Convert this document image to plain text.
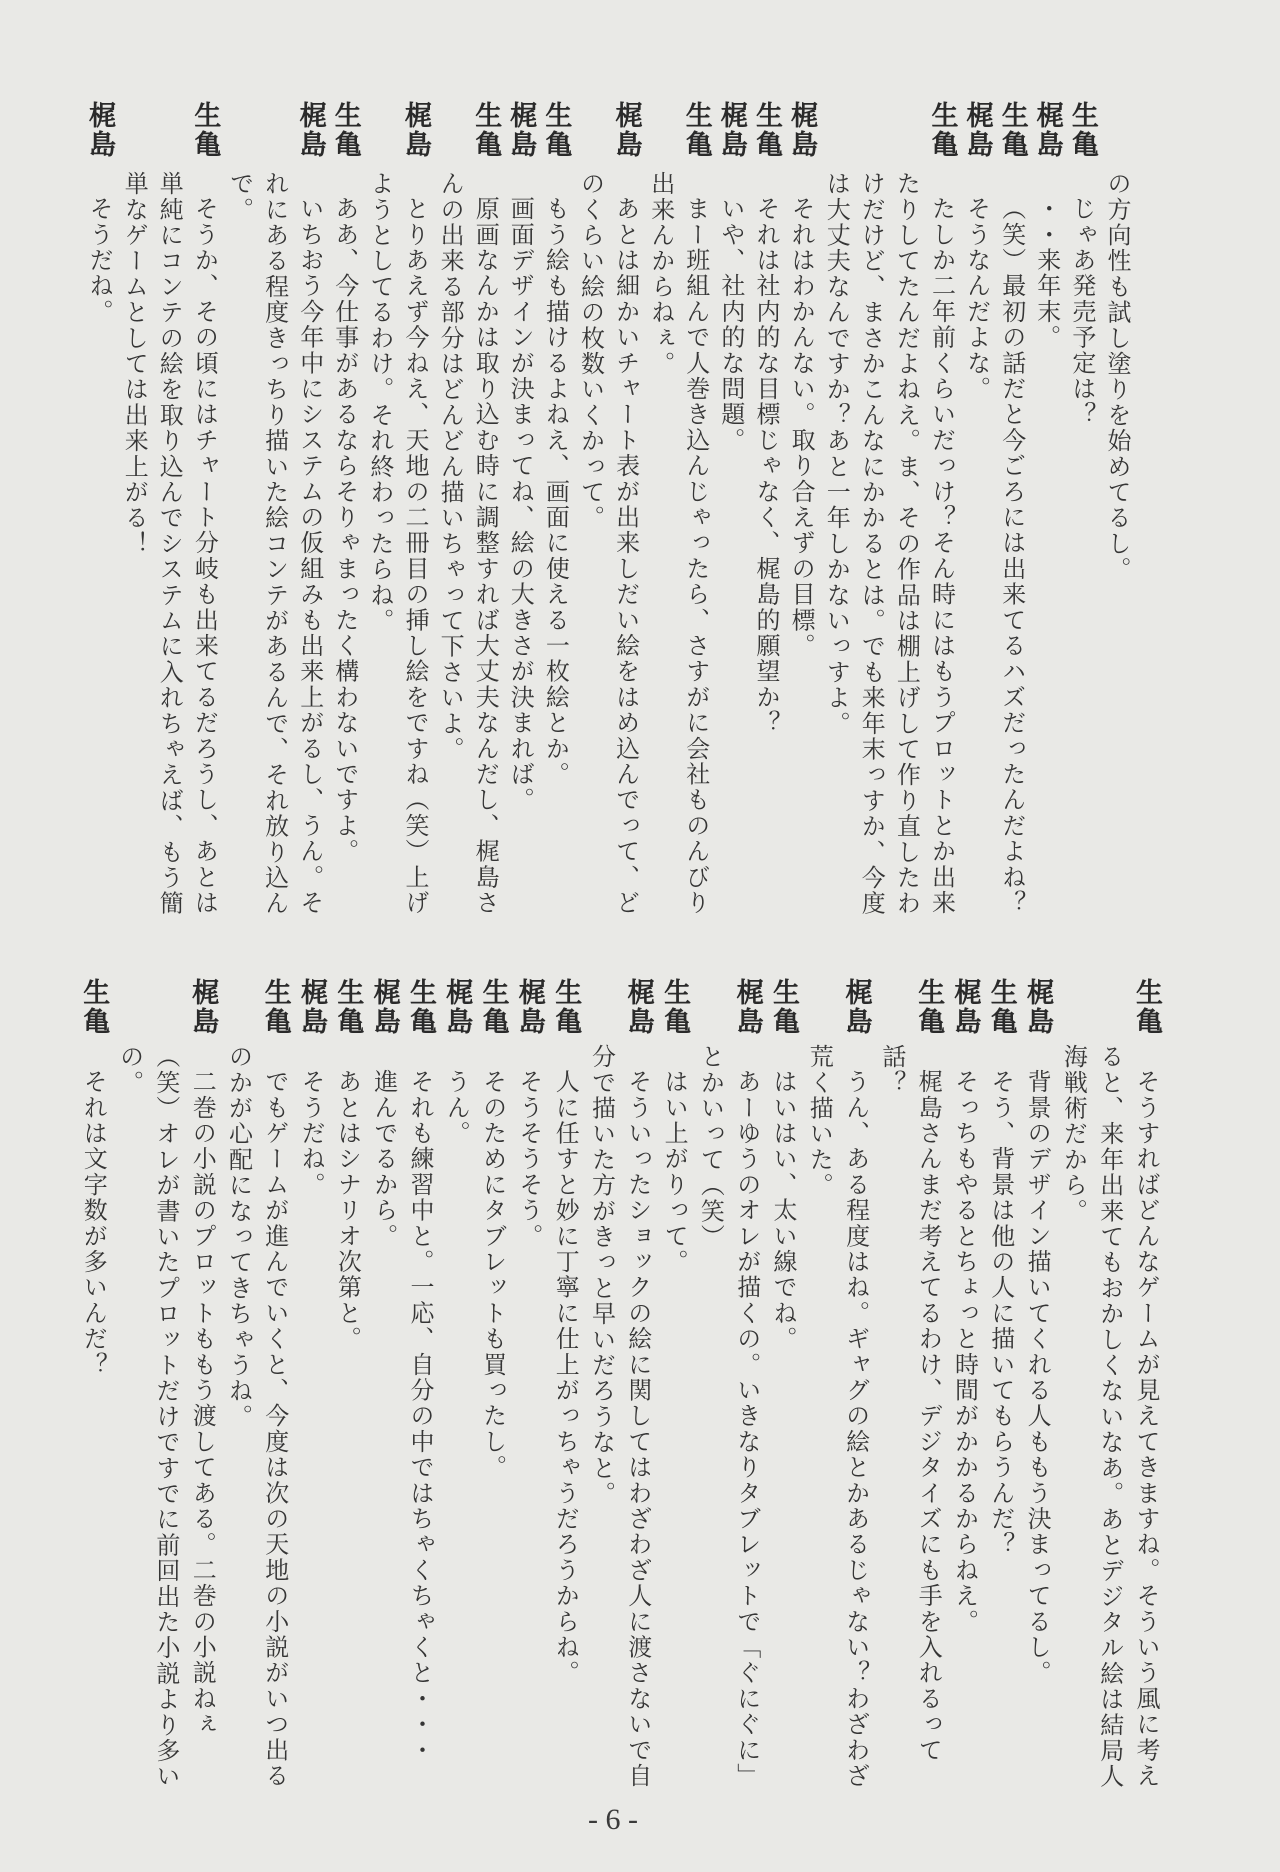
の方向性も試し塗りを始めてるし。
生亀
じゃあ発売予定は？
梶島
・・来年末。
生亀
（笑）最初の話だと今ごろには出来てるハズだったんだよね？
梶島
そうなんだよな。
生亀
たしか二年前くらいだっけ？そん時にはもうプロットとか出来
たりしてたんだよねえ。ま、その作品は棚上げして作り直したわ
けだけど、まさかこんなにかかるとは。でも来年末っすか、今度
は大丈夫なんですか？あと一年しかないっすよ。
梶島
それはわかんない。取り合えずの目標。
生亀
それは社内的な目標じゃなく、梶島的願望か？
梶島
いや、社内的な問題。
生亀
まー班組んで人巻き込んじゃったら、さすがに会社ものんびり
出来んからねぇ。
梶島
あとは細かいチャート表が出来しだい絵をはめ込んでって、ど
のくらい絵の枚数いくかって。
生亀
もう絵も描けるよねえ、画面に使える一枚絵とか。
梶島
画面デザインが決まってね、絵の大きさが決まれば。
生亀
原画なんかは取り込む時に調整すれば大丈夫なんだし、梶島さ
んの出来る部分はどんどん描いちゃって下さいよ。
梶島
とりあえず今ねえ、天地の二冊目の挿し絵をですね（笑）上げ
ようとしてるわけ。それ終わったらね。
生亀
ああ、今仕事があるならそりゃまったく構わないですよ。
梶島
いちおう今年中にシステムの仮組みも出来上がるし、うん。そ
れにある程度きっちり描いた絵コンテがあるんで、それ放り込ん
で。
生亀
そうか、その頃にはチャート分岐も出来てるだろうし、あとは
単純にコンテの絵を取り込んでシステムに入れちゃえば、もう簡
単なゲームとしては出来上がる！
梶島
そうだね。
生亀
そうすればどんなゲームが見えてきますね。そういう風に考え
ると、来年出来てもおかしくないなあ。あとデジタル絵は結局人
海戦術だから。
梶島
背景のデザイン描いてくれる人ももう決まってるし。
生亀
そう、背景は他の人に描いてもらうんだ？
梶島
そっちもやるとちょっと時間がかかるからねえ。
生亀
梶島さんまだ考えてるわけ、デジタイズにも手を入れるって
話？
梶島
うん、ある程度はね。ギャグの絵とかあるじゃない？わざわざ
荒く描いた。
生亀
はいはい、太い線でね。
梶島
あーゆうのオレが描くの。いきなりタブレットで「ぐにぐに」
とかいって（笑）
生亀
はい上がりって。
梶島
そういったショックの絵に関してはわざわざ人に渡さないで自
分で描いた方がきっと早いだろうなと。
生亀
人に任すと妙に丁寧に仕上がっちゃうだろうからね。
梶島
そうそうそう。
生亀
そのためにタブレットも買ったし。
梶島
うん。
生亀
それも練習中と。一応、自分の中ではちゃくちゃくと・・・
梶島
進んでるから。
生亀
あとはシナリオ次第と。
梶島
そうだね。
生亀
でもゲームが進んでいくと、今度は次の天地の小説がいつ出る
のかが心配になってきちゃうね。
梶島
二巻の小説のプロットももう渡してある。二巻の小説ねぇ
（笑）オレが書いたプロットだけですでに前回出た小説より多い
の。
生亀
それは文字数が多いんだ？
- 6 -
